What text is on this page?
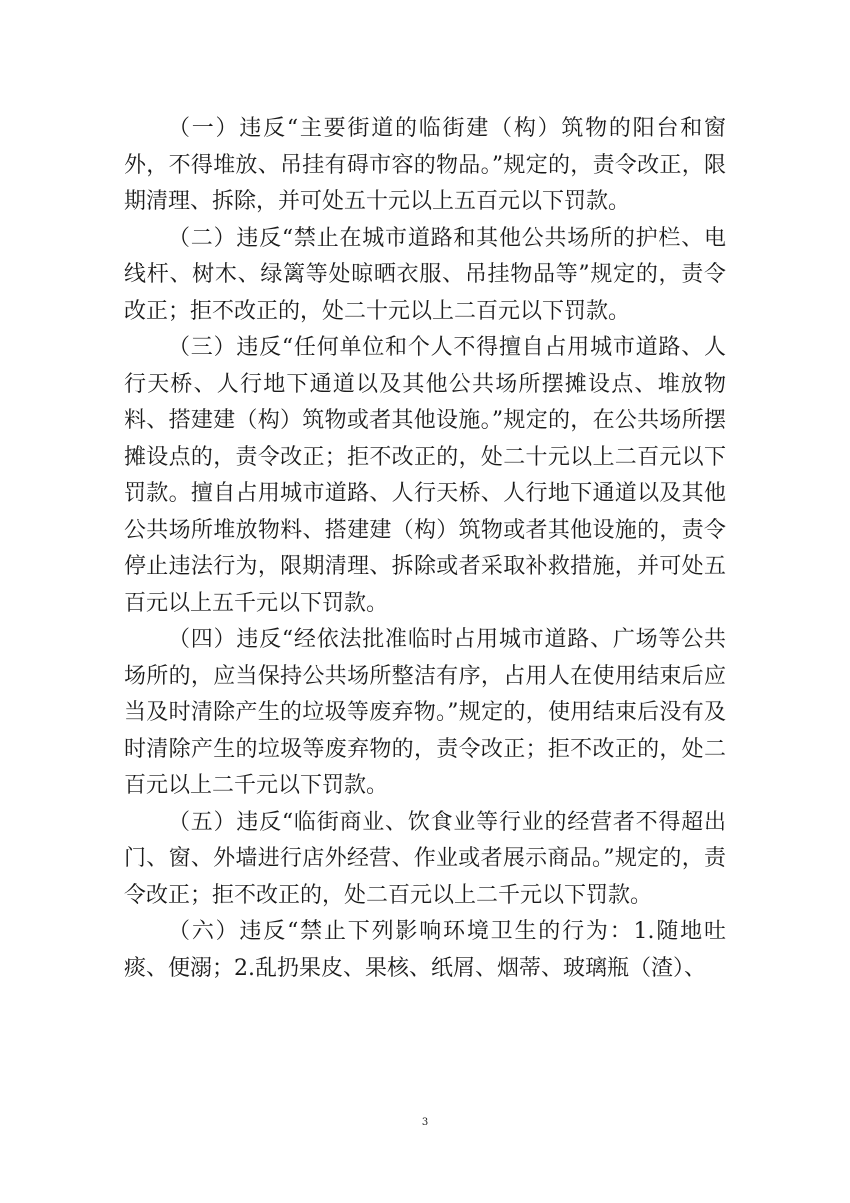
（一）违反“主要街道的临街建（构）筑物的阳台和窗外，不得堆放、吊挂有碍市容的物品。”规定的，责令改正，限期清理、拆除，并可处五十元以上五百元以下罚款。

（二）违反“禁止在城市道路和其他公共场所的护栏、电线杆、树木、绿篱等处晾晒衣服、吊挂物品等”规定的，责令改正；拒不改正的，处二十元以上二百元以下罚款。

（三）违反“任何单位和个人不得擅自占用城市道路、人行天桥、人行地下通道以及其他公共场所摆摊设点、堆放物料、搭建建（构）筑物或者其他设施。”规定的，在公共场所摆摊设点的，责令改正；拒不改正的，处二十元以上二百元以下罚款。擅自占用城市道路、人行天桥、人行地下通道以及其他公共场所堆放物料、搭建建（构）筑物或者其他设施的，责令停止违法行为，限期清理、拆除或者采取补救措施，并可处五百元以上五千元以下罚款。

（四）违反“经依法批准临时占用城市道路、广场等公共场所的，应当保持公共场所整洁有序，占用人在使用结束后应当及时清除产生的垃圾等废弃物。”规定的，使用结束后没有及时清除产生的垃圾等废弃物的，责令改正；拒不改正的，处二百元以上二千元以下罚款。

（五）违反“临街商业、饮食业等行业的经营者不得超出门、窗、外墙进行店外经营、作业或者展示商品。”规定的，责令改正；拒不改正的，处二百元以上二千元以下罚款。

（六）违反“禁止下列影响环境卫生的行为：1.随地吐痰、便溺；2.乱扔果皮、果核、纸屑、烟蒂、玻璃瓶（渣）、

3
